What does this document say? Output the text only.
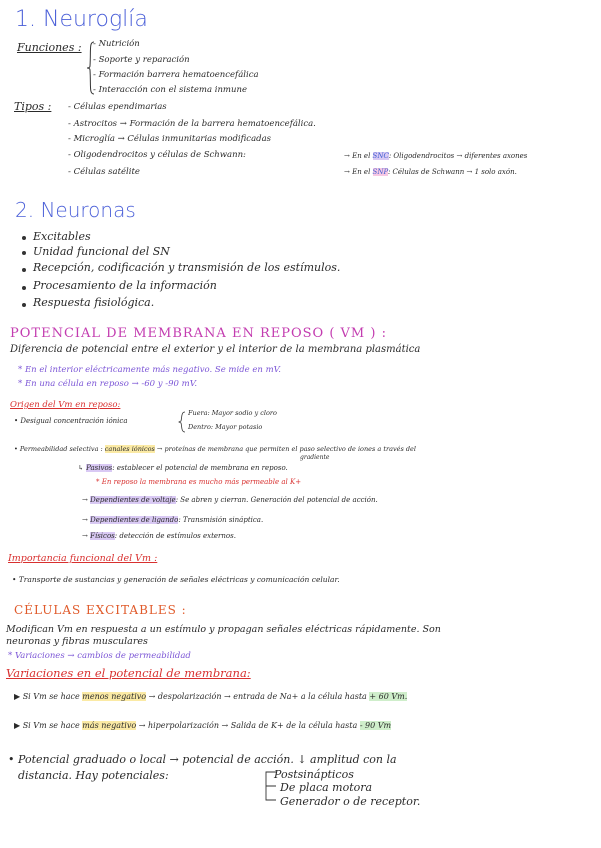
1. Neuroglía
Funciones : - Nutrición
- Soporte y reparación
- Formación barrera hematoencefálica
- Interacción con el sistema inmune
Tipos : - Células ependimarias
- Astrocitos → Formación de la barrera hematoencefálica.
- Microglía → Células inmunitarias modificadas
- Oligodendrocitos y células de Schwann:
- Células satélite
→ En el SNC: Oligodendrocitos → diferentes axones
→ En el SNP: Células de Schwann → 1 solo axón.
2. Neuronas
Excitables
Unidad funcional del SN
Recepción, codificación y transmisión de los estímulos.
Procesamiento de la información
Respuesta fisiológica.
POTENCIAL DE MEMBRANA EN REPOSO ( VM ) :
Diferencia de potencial entre el exterior y el interior de la membrana plasmática
* En el interior eléctricamente más negativo. Se mide en mV.
* En una célula en reposo → -60 y -90 mV.
Origen del Vm en reposo:
• Desigual concentración iónica
Fuera: Mayor sodio y cloro
Dentro: Mayor potasio
• Permeabilidad selectiva : canales iónicos → proteínas de membrana que permiten el paso selectivo de iones a través del
gradiente
↳ Pasivos: establecer el potencial de membrana en reposo.
* En reposo la membrana es mucho más permeable al K+
→ Dependientes de voltaje: Se abren y cierran. Generación del potencial de acción.
→ Dependientes de ligando: Transmisión sináptica.
→ Físicos: detección de estímulos externos.
Importancia funcional del Vm :
• Transporte de sustancias y generación de señales eléctricas y comunicación celular.
CÉLULAS EXCITABLES :
Modifican Vm en respuesta a un estímulo y propagan señales eléctricas rápidamente. Son
neuronas y fibras musculares
* Variaciones → cambios de permeabilidad
Variaciones en el potencial de membrana:
▶ Si Vm se hace menos negativo → despolarización → entrada de Na+ a la célula hasta + 60 Vm.
▶ Si Vm se hace más negativo → hiperpolarización → Salida de K+ de la célula hasta - 90 Vm
• Potencial graduado o local → potencial de acción. ↓ amplitud con la
distancia. Hay potenciales:	Postsinápticos
De placa motora
Generador o de receptor.
